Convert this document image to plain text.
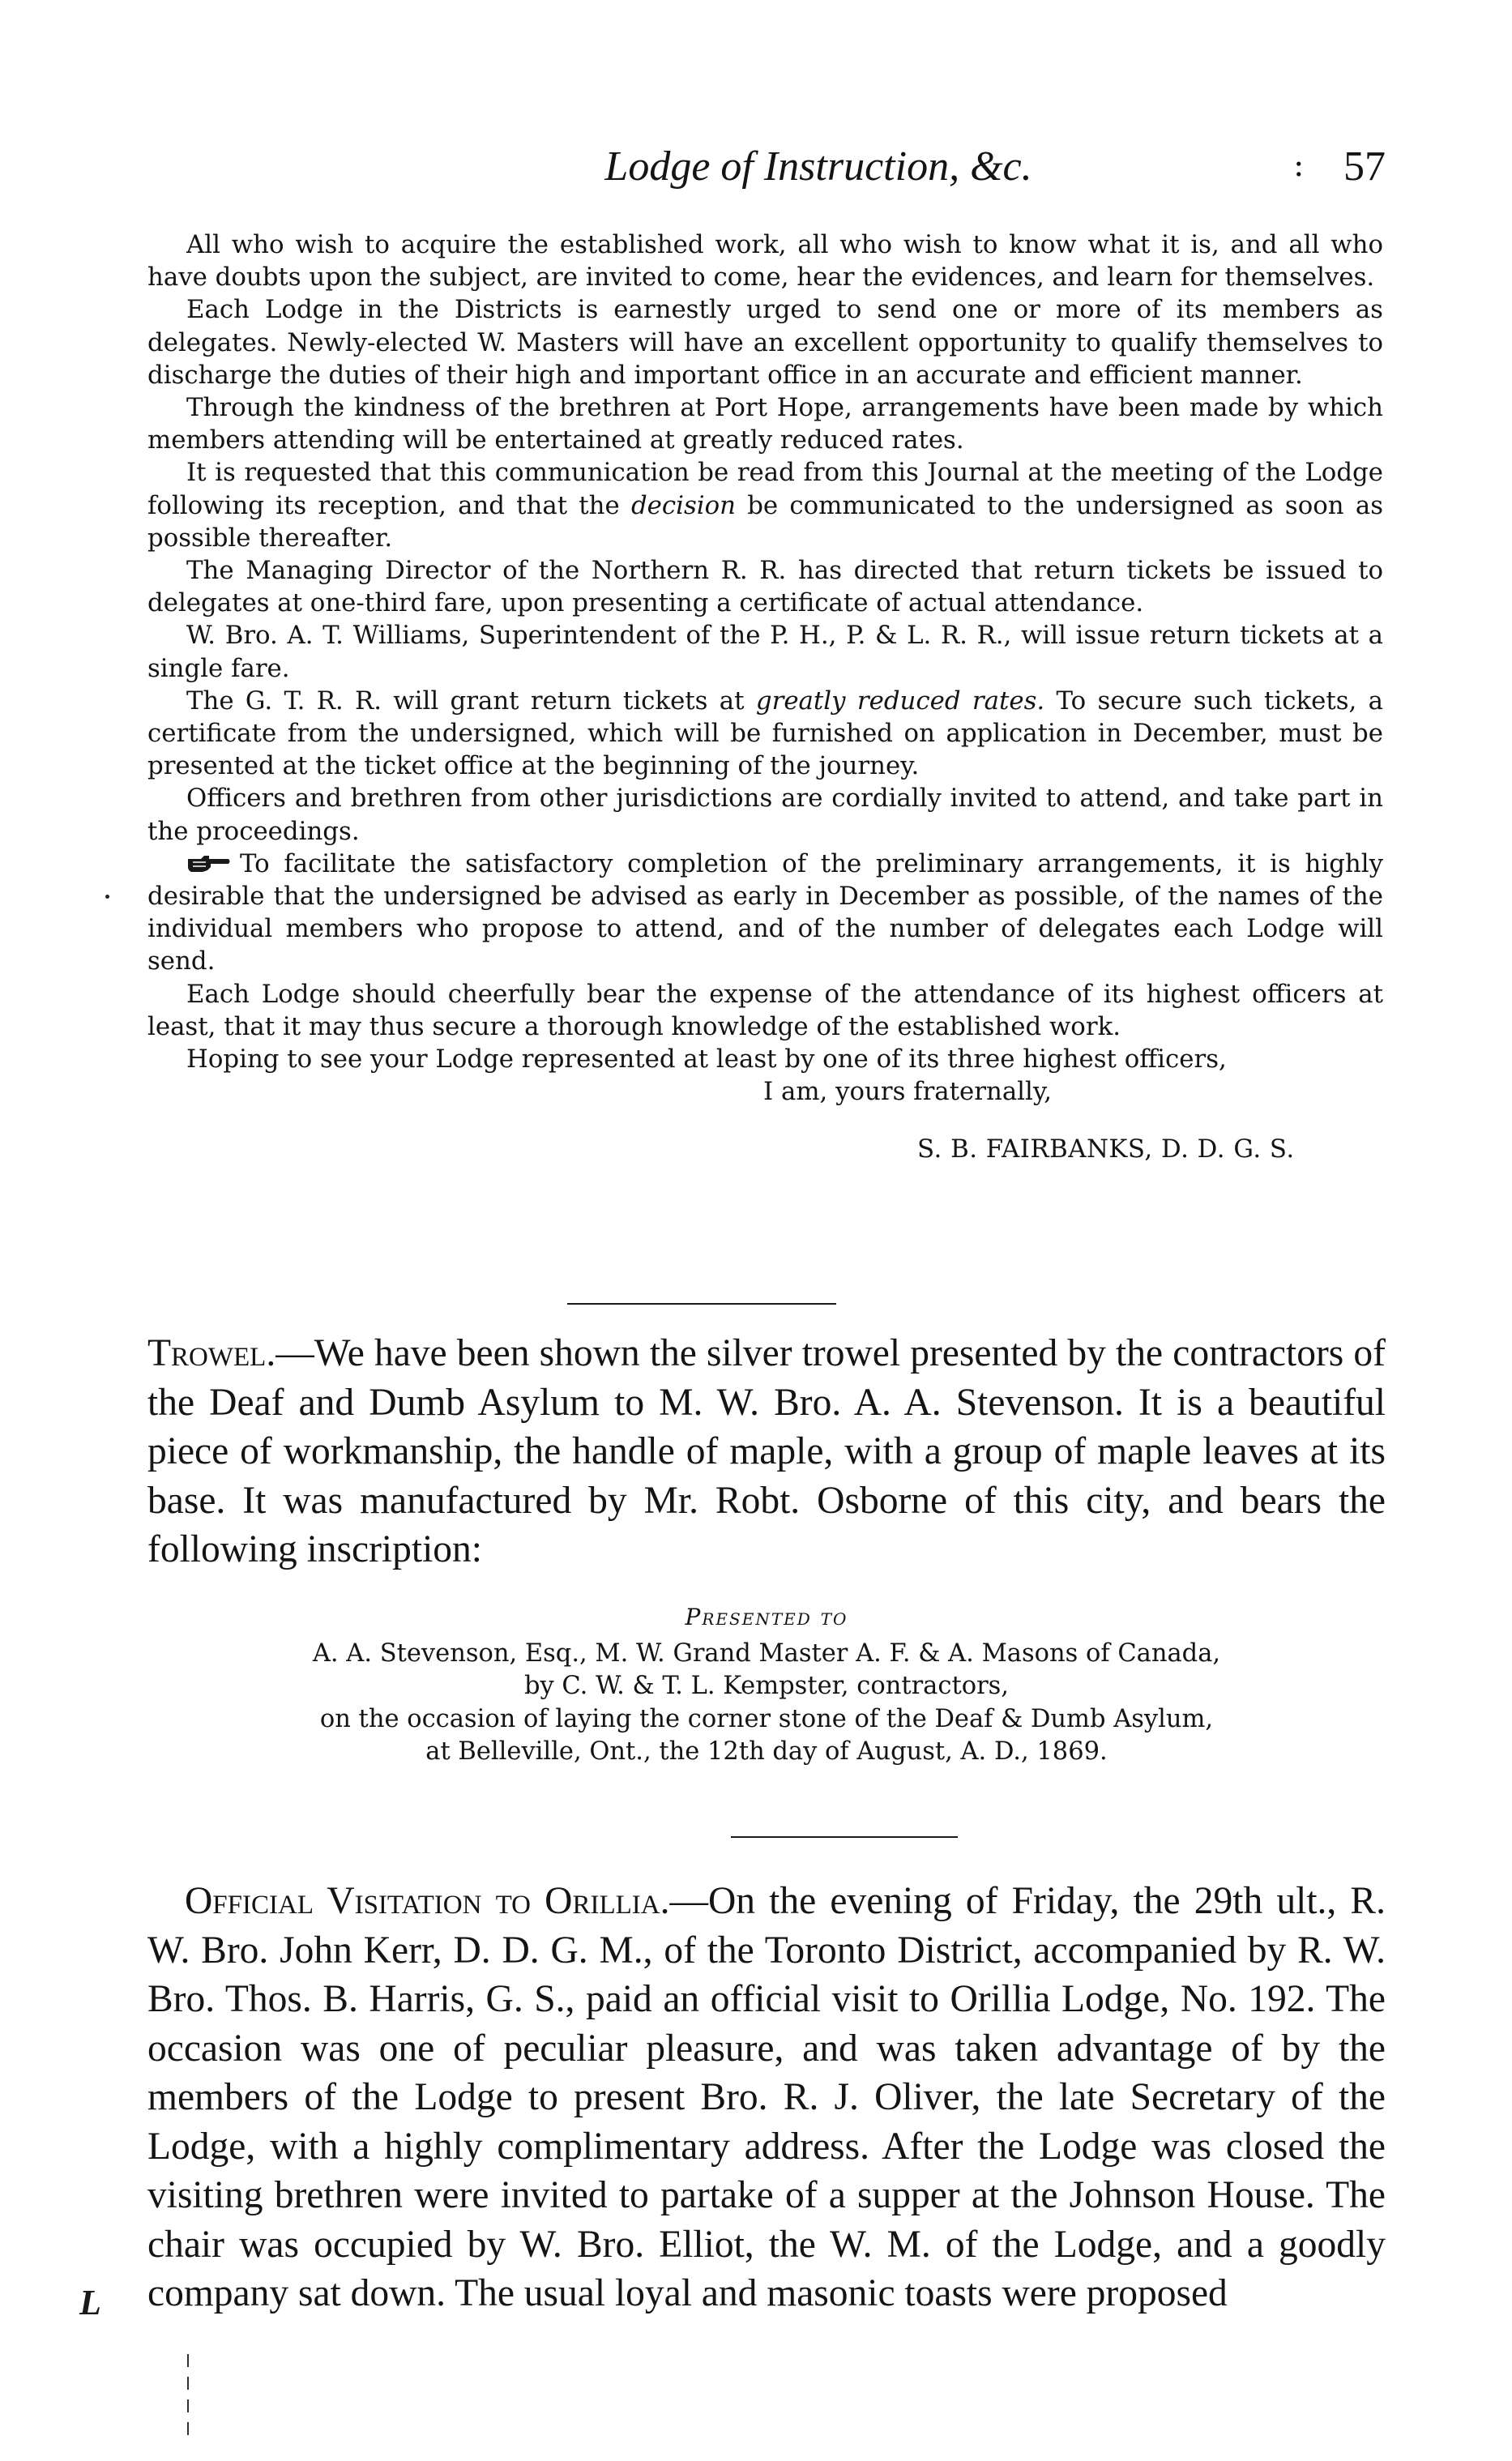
Lodge of Instruction, &c.	: 57

All who wish to acquire the established work, all who wish to know what it is, and all who have doubts upon the subject, are invited to come, hear the evidences, and learn for themselves.

Each Lodge in the Districts is earnestly urged to send one or more of its members as delegates. Newly-elected W. Masters will have an excellent opportunity to qualify themselves to discharge the duties of their high and important office in an accurate and efficient manner.

Through the kindness of the brethren at Port Hope, arrangements have been made by which members attending will be entertained at greatly reduced rates.

It is requested that this communication be read from this Journal at the meeting of the Lodge following its reception, and that the decision be communicated to the undersigned as soon as possible thereafter.

The Managing Director of the Northern R. R. has directed that return tickets be issued to delegates at one-third fare, upon presenting a certificate of actual attendance.

W. Bro. A. T. Williams, Superintendent of the P. H., P. & L. R. R., will issue return tickets at a single fare.

The G. T. R. R. will grant return tickets at greatly reduced rates. To secure such tickets, a certificate from the undersigned, which will be furnished on application in December, must be presented at the ticket office at the beginning of the journey.

Officers and brethren from other jurisdictions are cordially invited to attend, and take part in the proceedings.

To facilitate the satisfactory completion of the preliminary arrangements, it is highly desirable that the undersigned be advised as early in December as possible, of the names of the individual members who propose to attend, and of the number of delegates each Lodge will send.

Each Lodge should cheerfully bear the expense of the attendance of its highest officers at least, that it may thus secure a thorough knowledge of the established work.

Hoping to see your Lodge represented at least by one of its three highest officers,

I am, yours fraternally,

S. B. FAIRBANKS, D. D. G. S.

Trowel.—We have been shown the silver trowel presented by the contractors of the Deaf and Dumb Asylum to M. W. Bro. A. A. Stevenson. It is a beautiful piece of workmanship, the handle of maple, with a group of maple leaves at its base. It was manufactured by Mr. Robt. Osborne of this city, and bears the following inscription:

Presented to
A. A. Stevenson, Esq., M. W. Grand Master A. F. & A. Masons of Canada,
by C. W. & T. L. Kempster, contractors,
on the occasion of laying the corner stone of the Deaf & Dumb Asylum,
at Belleville, Ont., the 12th day of August, A. D., 1869.

Official Visitation to Orillia.—On the evening of Friday, the 29th ult., R. W. Bro. John Kerr, D. D. G. M., of the Toronto District, accompanied by R. W. Bro. Thos. B. Harris, G. S., paid an official visit to Orillia Lodge, No. 192. The occasion was one of peculiar pleasure, and was taken advantage of by the members of the Lodge to present Bro. R. J. Oliver, the late Secretary of the Lodge, with a highly complimentary address. After the Lodge was closed the visiting brethren were invited to partake of a supper at the Johnson House. The chair was occupied by W. Bro. Elliot, the W. M. of the Lodge, and a goodly company sat down. The usual loyal and masonic toasts were proposed

L
